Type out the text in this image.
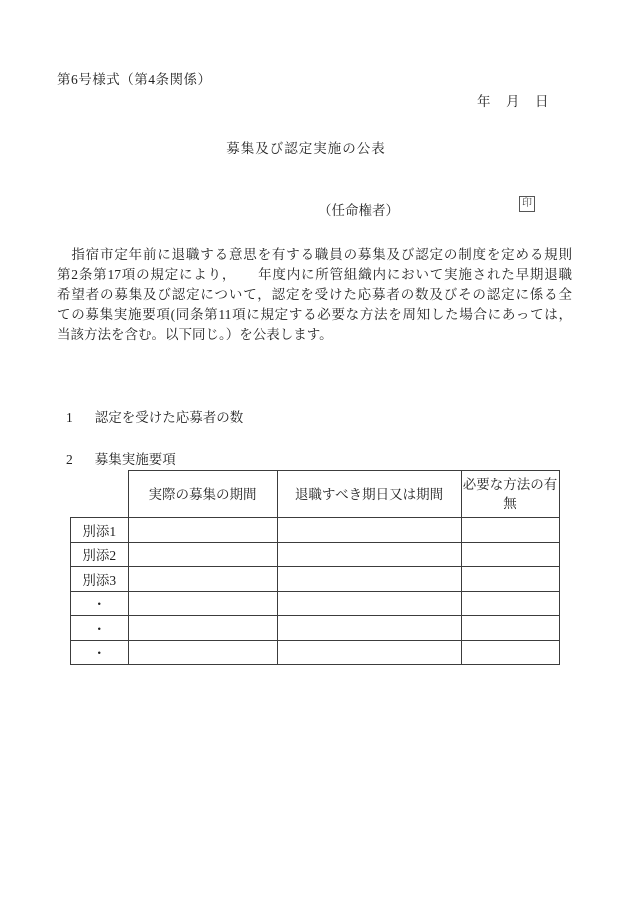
第6号様式（第4条関係）
年　月　日
募集及び認定実施の公表
（任命権者）	印
　指宿市定年前に退職する意思を有する職員の募集及び認定の制度を定める規則
第2条第17項の規定により，　　年度内に所管組織内において実施された早期退職
希望者の募集及び認定について，認定を受けた応募者の数及びその認定に係る全
ての募集実施要項(同条第11項に規定する必要な方法を周知した場合にあっては，
当該方法を含む。以下同じ。）を公表します。
1 認定を受けた応募者の数
2 募集実施要項
	実際の募集の期間	退職すべき期日又は期間	必要な方法の有無
別添1			
別添2			
別添3			
・			
・			
・			
